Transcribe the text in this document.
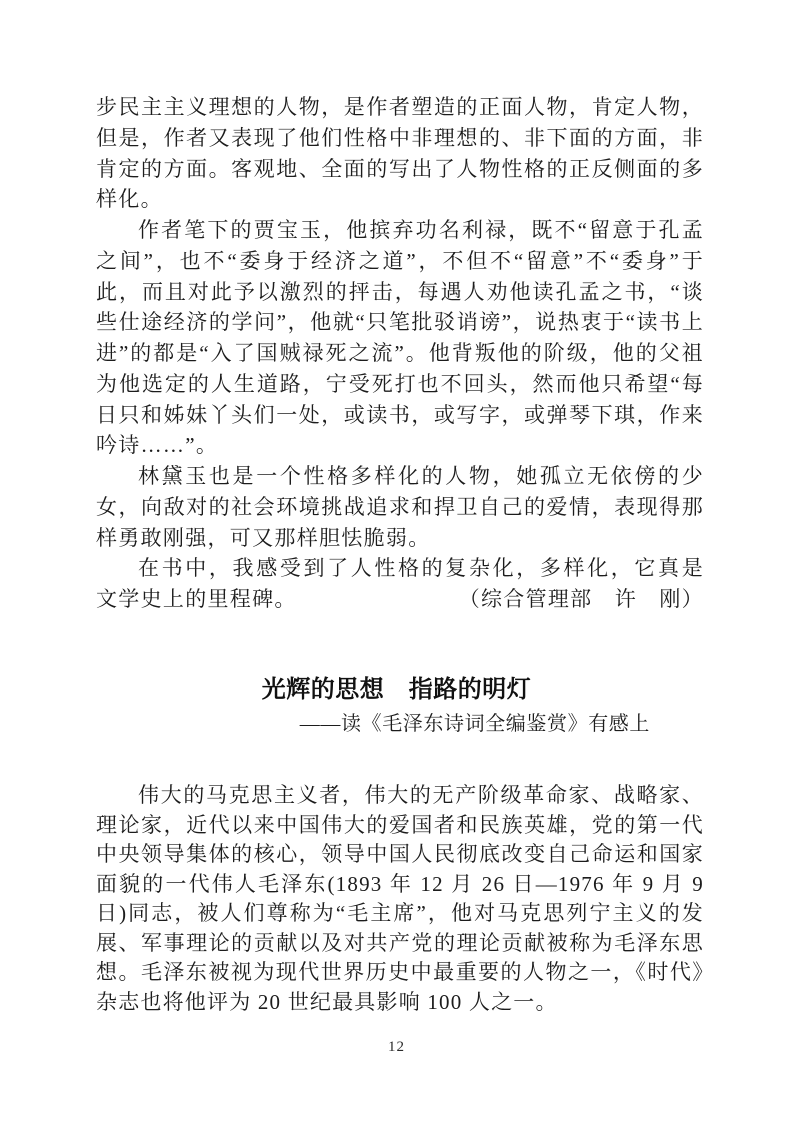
步民主主义理想的人物，是作者塑造的正面人物，肯定人物，但是，作者又表现了他们性格中非理想的、非下面的方面，非肯定的方面。客观地、全面的写出了人物性格的正反侧面的多样化。

作者笔下的贾宝玉，他摈弃功名利禄，既不“留意于孔孟之间”，也不“委身于经济之道”，不但不“留意”不“委身”于此，而且对此予以激烈的抨击，每遇人劝他读孔孟之书，“谈些仕途经济的学问”，他就“只笔批驳诮谤”，说热衷于“读书上进”的都是“入了国贼禄死之流”。他背叛他的阶级，他的父祖为他选定的人生道路，宁受死打也不回头，然而他只希望“每日只和姊妹丫头们一处，或读书，或写字，或弹琴下琪，作来吟诗……”。

林黛玉也是一个性格多样化的人物，她孤立无依傍的少女，向敌对的社会环境挑战追求和捍卫自己的爱情，表现得那样勇敢刚强，可又那样胆怯脆弱。

在书中，我感受到了人性格的复杂化，多样化，它真是

文学史上的里程碑。	（综合管理部　许　刚）
光辉的思想　指路的明灯
——读《毛泽东诗词全编鉴赏》有感上

伟大的马克思主义者，伟大的无产阶级革命家、战略家、理论家，近代以来中国伟大的爱国者和民族英雄，党的第一代中央领导集体的核心，领导中国人民彻底改变自己命运和国家面貌的一代伟人毛泽东(1893 年 12 月 26 日—1976 年 9 月 9 日)同志，被人们尊称为“毛主席”，他对马克思列宁主义的发展、军事理论的贡献以及对共产党的理论贡献被称为毛泽东思想。毛泽东被视为现代世界历史中最重要的人物之一，《时代》杂志也将他评为 20 世纪最具影响 100 人之一。

12
